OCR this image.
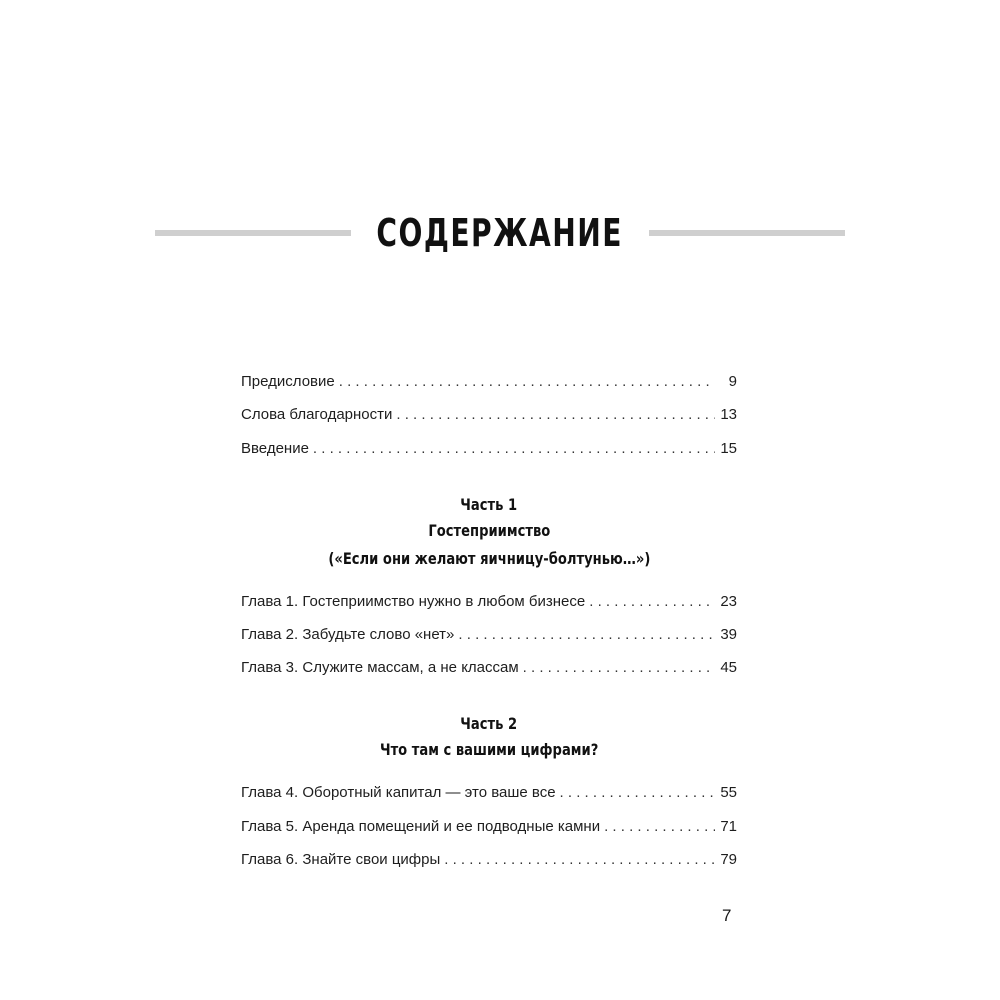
СОДЕРЖАНИЕ
Предисловие . . .	9
Слова благодарности . . .	13
Введение . . .	15
Часть 1
Гостеприимство
(«Если они желают яичницу-болтунью…»)
Глава 1. Гостеприимство нужно в любом бизнесе . . .	23
Глава 2. Забудьте слово «нет» . . .	39
Глава 3. Служите массам, а не классам . . .	45
Часть 2
Что там с вашими цифрами?
Глава 4. Оборотный капитал — это ваше все . . .	55
Глава 5. Аренда помещений и ее подводные камни . . .	71
Глава 6. Знайте свои цифры . . .	79
7
